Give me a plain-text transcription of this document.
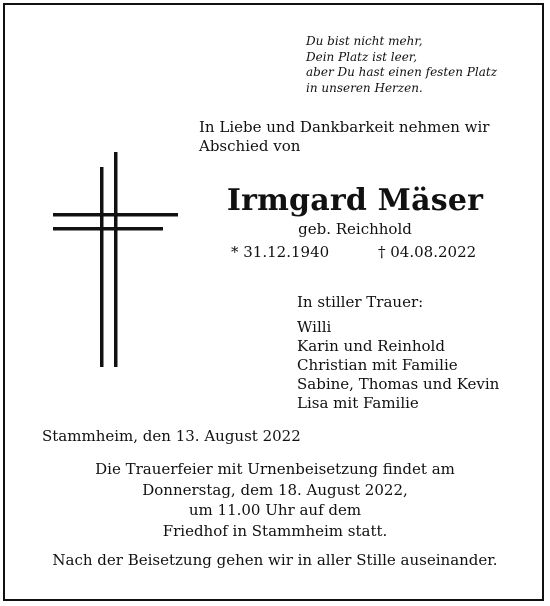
Du bist nicht mehr,
Dein Platz ist leer,
aber Du hast einen festen Platz
in unseren Herzen.
In Liebe und Dankbarkeit nehmen wir
Abschied von
Irmgard Mäser
geb. Reichhold
* 31.12.1940	† 04.08.2022
In stiller Trauer:
Willi
Karin und Reinhold
Christian mit Familie
Sabine, Thomas und Kevin
Lisa mit Familie
Stammheim, den 13. August 2022
Die Trauerfeier mit Urnenbeisetzung findet am
Donnerstag, dem 18. August 2022,
um 11.00 Uhr auf dem
Friedhof in Stammheim statt.
Nach der Beisetzung gehen wir in aller Stille auseinander.
